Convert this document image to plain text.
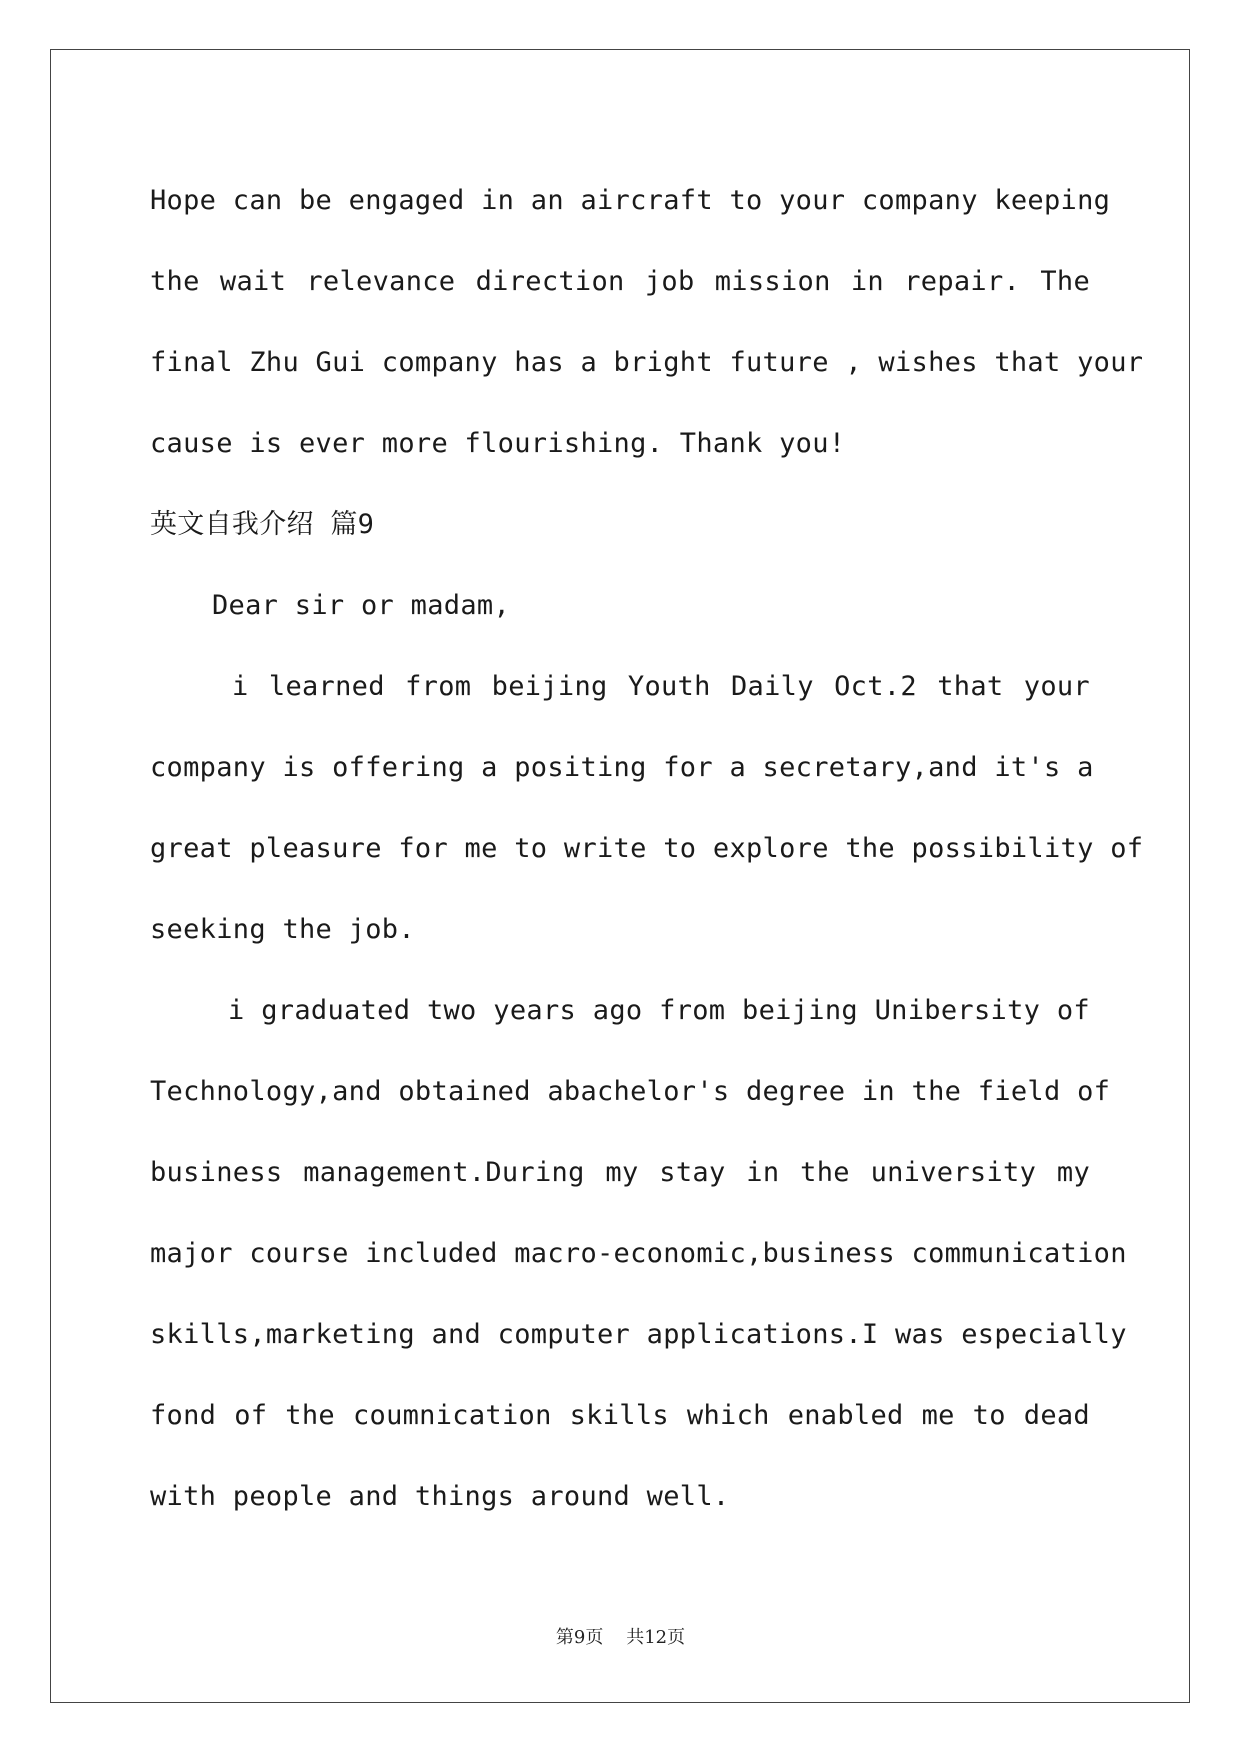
Hope can be engaged in an aircraft to your company keeping
the wait relevance direction job mission in repair. The
final Zhu Gui company has a bright future , wishes that your
cause is ever more flourishing. Thank you!
英文自我介绍 篇9
Dear sir or madam,
i learned from beijing Youth Daily Oct.2 that your
company is offering a positing for a secretary,and it's a
great pleasure for me to write to explore the possibility of
seeking the job.
i graduated two years ago from beijing Unibersity of
Technology,and obtained abachelor's degree in the field of
business management.During my stay in the university my
major course included macro-economic,business communication
skills,marketing and computer applications.I was especially
fond of the coumnication skills which enabled me to dead
with people and things around well.
第9页    共12页
